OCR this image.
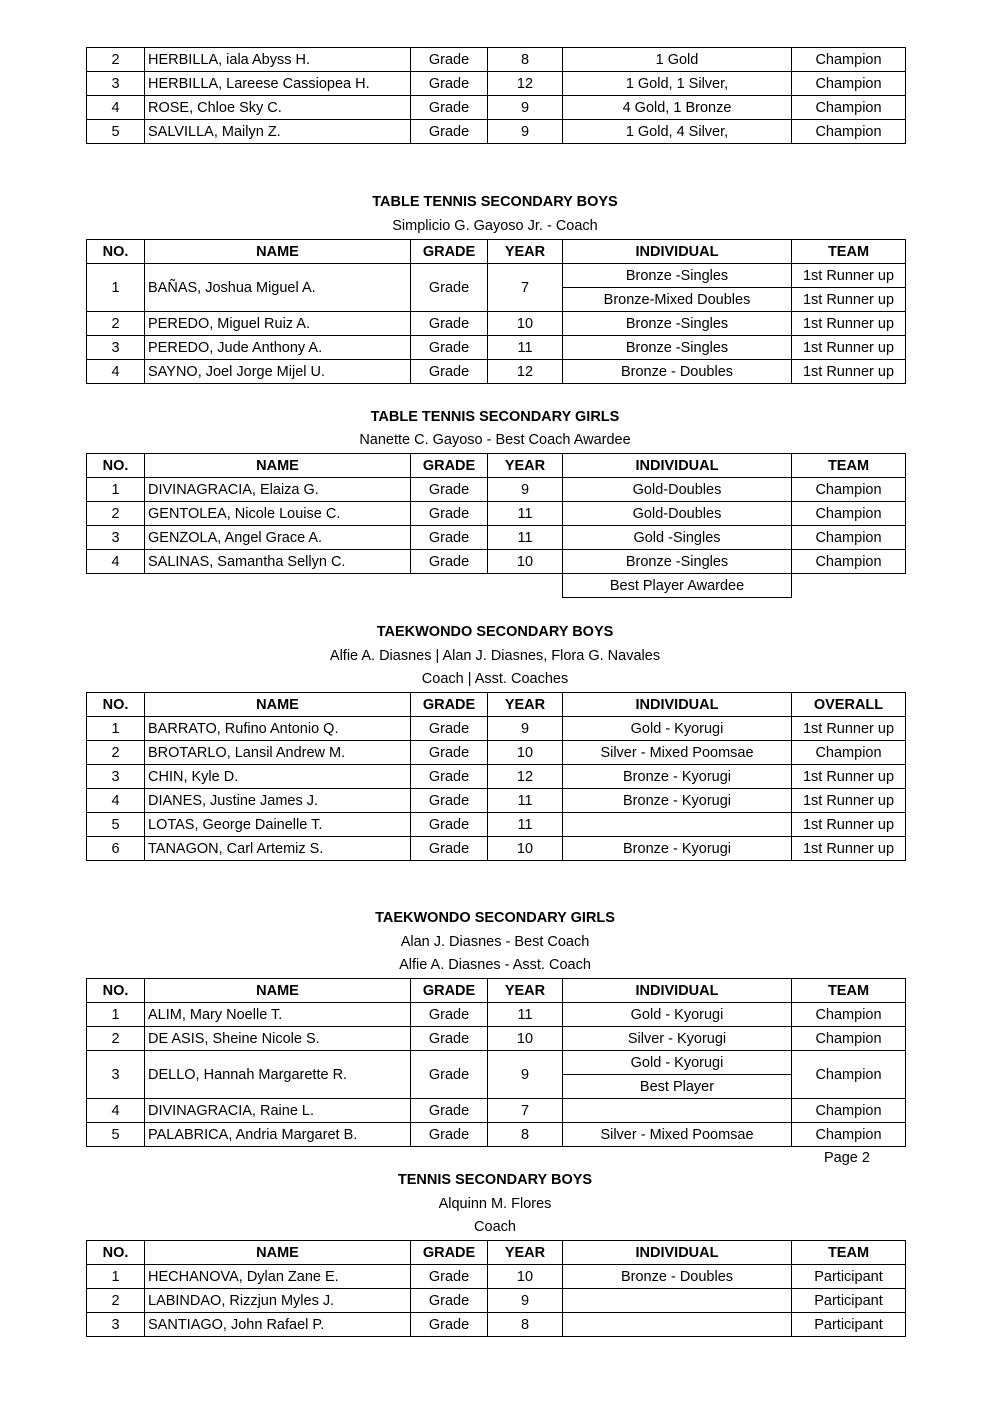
2	HERBILLA, iala Abyss H.	Grade	8	1 Gold	Champion
3	HERBILLA, Lareese Cassiopea H.	Grade	12	1 Gold, 1 Silver,	Champion
4	ROSE, Chloe Sky C.	Grade	9	4 Gold, 1 Bronze	Champion
5	SALVILLA, Mailyn Z.	Grade	9	1 Gold, 4 Silver,	Champion
TABLE TENNIS SECONDARY BOYS
Simplicio G. Gayoso Jr. - Coach
NO.	NAME	GRADE	YEAR	INDIVIDUAL	TEAM
1	BAÑAS, Joshua Miguel A.	Grade	7	Bronze -Singles	1st Runner up
				Bronze-Mixed Doubles	1st Runner up
2	PEREDO, Miguel Ruiz A.	Grade	10	Bronze -Singles	1st Runner up
3	PEREDO, Jude Anthony A.	Grade	11	Bronze -Singles	1st Runner up
4	SAYNO, Joel Jorge Mijel U.	Grade	12	Bronze - Doubles	1st Runner up
TABLE TENNIS SECONDARY GIRLS
Nanette C. Gayoso - Best Coach Awardee
NO.	NAME	GRADE	YEAR	INDIVIDUAL	TEAM
1	DIVINAGRACIA, Elaiza G.	Grade	9	Gold-Doubles	Champion
2	GENTOLEA, Nicole Louise C.	Grade	11	Gold-Doubles	Champion
3	GENZOLA, Angel Grace A.	Grade	11	Gold -Singles	Champion
4	SALINAS, Samantha Sellyn C.	Grade	10	Bronze -Singles	Champion
				Best Player Awardee	
TAEKWONDO SECONDARY BOYS
Alfie A. Diasnes | Alan J. Diasnes, Flora G. Navales
Coach | Asst. Coaches
NO.	NAME	GRADE	YEAR	INDIVIDUAL	OVERALL
1	BARRATO, Rufino Antonio Q.	Grade	9	Gold - Kyorugi	1st Runner up
2	BROTARLO, Lansil Andrew M.	Grade	10	Silver - Mixed Poomsae	Champion
3	CHIN, Kyle D.	Grade	12	Bronze - Kyorugi	1st Runner up
4	DIANES, Justine James J.	Grade	11	Bronze - Kyorugi	1st Runner up
5	LOTAS, George Dainelle T.	Grade	11		1st Runner up
6	TANAGON, Carl Artemiz S.	Grade	10	Bronze - Kyorugi	1st Runner up
TAEKWONDO SECONDARY GIRLS
Alan J. Diasnes - Best Coach
Alfie A. Diasnes - Asst. Coach
NO.	NAME	GRADE	YEAR	INDIVIDUAL	TEAM
1	ALIM, Mary Noelle T.	Grade	11	Gold - Kyorugi	Champion
2	DE ASIS, Sheine Nicole S.	Grade	10	Silver - Kyorugi	Champion
3	DELLO, Hannah Margarette R.	Grade	9	Gold - Kyorugi	Champion
				Best Player	
4	DIVINAGRACIA, Raine L.	Grade	7		Champion
5	PALABRICA, Andria Margaret B.	Grade	8	Silver - Mixed Poomsae	Champion
Page 2
TENNIS SECONDARY BOYS
Alquinn M. Flores
Coach
NO.	NAME	GRADE	YEAR	INDIVIDUAL	TEAM
1	HECHANOVA, Dylan Zane E.	Grade	10	Bronze - Doubles	Participant
2	LABINDAO, Rizzjun Myles J.	Grade	9		Participant
3	SANTIAGO, John Rafael P.	Grade	8		Participant
